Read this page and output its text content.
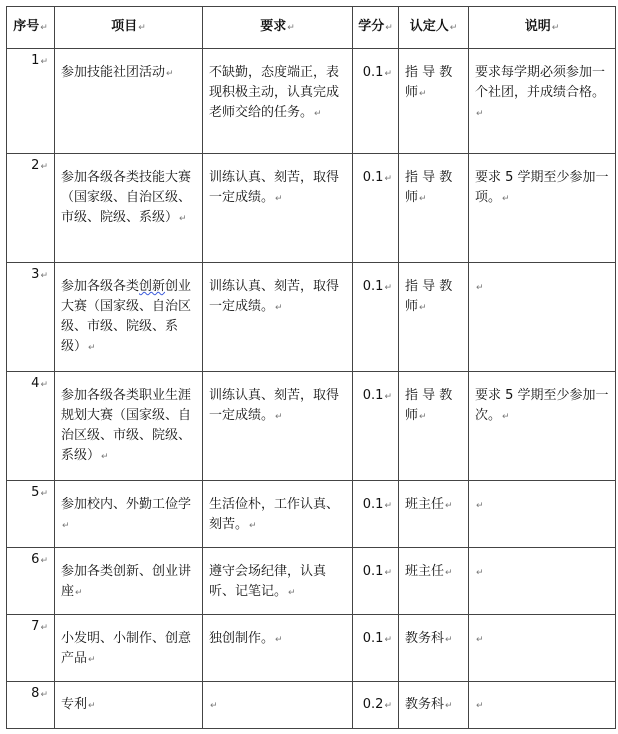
序号↵	项目↵	要求↵	学分↵	认定人↵	说明↵
1↵	参加技能社团活动↵	不缺勤，态度端正，表现积极主动，认真完成老师交给的任务。↵	0.1↵	指 导 教 师↵	要求每学期必须参加一个社团，并成绩合格。↵
2↵	参加各级各类技能大赛（国家级、自治区级、市级、院级、系级）↵	训练认真、刻苦，取得一定成绩。↵	0.1↵	指 导 教 师↵	要求 5 学期至少参加一项。↵
3↵	参加各级各类创新创业大赛（国家级、自治区级、市级、院级、系级）↵	训练认真、刻苦，取得一定成绩。↵	0.1↵	指 导 教 师↵	↵
4↵	参加各级各类职业生涯规划大赛（国家级、自治区级、市级、院级、系级）↵	训练认真、刻苦，取得一定成绩。↵	0.1↵	指 导 教 师↵	要求 5 学期至少参加一次。↵
5↵	参加校内、外勤工俭学↵	生活俭朴，工作认真、刻苦。↵	0.1↵	班主任↵	↵
6↵	参加各类创新、创业讲座↵	遵守会场纪律，认真听、记笔记。↵	0.1↵	班主任↵	↵
7↵	小发明、小制作、创意产品↵	独创制作。↵	0.1↵	教务科↵	↵
8↵	专利↵	↵	0.2↵	教务科↵	↵
